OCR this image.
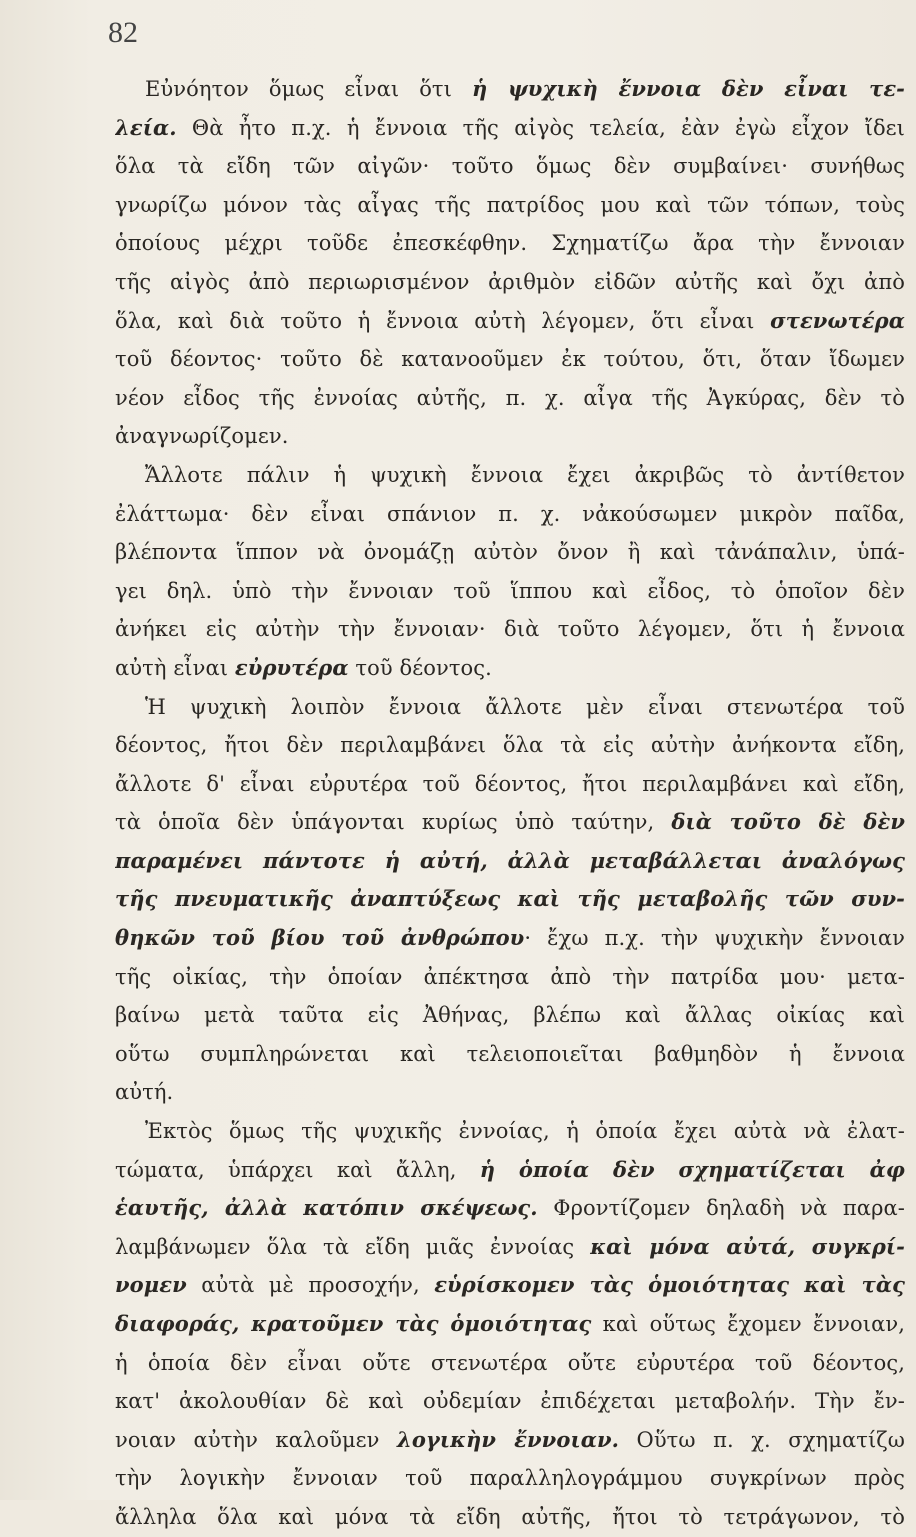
82
Εὐνόητον ὅμως εἶναι ὅτι ἡ ψυχικὴ ἔννοια δὲν εἶναι τε-
λεία. Θὰ ἦτο π.χ. ἡ ἔννοια τῆς αἰγὸς τελεία, ἐὰν ἐγὼ εἶχον ἴδει
ὅλα τὰ εἴδη τῶν αἰγῶν· τοῦτο ὅμως δὲν συμβαίνει· συνήθως
γνωρίζω μόνον τὰς αἶγας τῆς πατρίδος μου καὶ τῶν τόπων, τοὺς
ὁποίους μέχρι τοῦδε ἐπεσκέφθην. Σχηματίζω ἄρα τὴν ἔννοιαν
τῆς αἰγὸς ἀπὸ περιωρισμένον ἀριθμὸν εἰδῶν αὐτῆς καὶ ὄχι ἀπὸ
ὅλα, καὶ διὰ τοῦτο ἡ ἔννοια αὐτὴ λέγομεν, ὅτι εἶναι στενωτέρα
τοῦ δέοντος· τοῦτο δὲ κατανοοῦμεν ἐκ τούτου, ὅτι, ὅταν ἴδωμεν
νέον εἶδος τῆς ἐννοίας αὐτῆς, π. χ. αἶγα τῆς Ἀγκύρας, δὲν τὸ
ἀναγνωρίζομεν.
Ἄλλοτε πάλιν ἡ ψυχικὴ ἔννοια ἔχει ἀκριβῶς τὸ ἀντίθετον
ἐλάττωμα· δὲν εἶναι σπάνιον π. χ. νἀκούσωμεν μικρὸν παῖδα,
βλέποντα ἵππον νὰ ὀνομάζῃ αὐτὸν ὄνον ἢ καὶ τἀνάπαλιν, ὑπά-
γει δηλ. ὑπὸ τὴν ἔννοιαν τοῦ ἵππου καὶ εἶδος, τὸ ὁποῖον δὲν
ἀνήκει εἰς αὐτὴν τὴν ἔννοιαν· διὰ τοῦτο λέγομεν, ὅτι ἡ ἔννοια
αὐτὴ εἶναι εὐρυτέρα τοῦ δέοντος.
Ἡ ψυχικὴ λοιπὸν ἔννοια ἄλλοτε μὲν εἶναι στενωτέρα τοῦ
δέοντος, ἤτοι δὲν περιλαμβάνει ὅλα τὰ εἰς αὐτὴν ἀνήκοντα εἴδη,
ἄλλοτε δ' εἶναι εὐρυτέρα τοῦ δέοντος, ἤτοι περιλαμβάνει καὶ εἴδη,
τὰ ὁποῖα δὲν ὑπάγονται κυρίως ὑπὸ ταύτην, διὰ τοῦτο δὲ δὲν
παραμένει πάντοτε ἡ αὐτή, ἀλλὰ μεταβάλλεται ἀναλόγως
τῆς πνευματικῆς ἀναπτύξεως καὶ τῆς μεταβολῆς τῶν συν-
θηκῶν τοῦ βίου τοῦ ἀνθρώπου· ἔχω π.χ. τὴν ψυχικὴν ἔννοιαν
τῆς οἰκίας, τὴν ὁποίαν ἀπέκτησα ἀπὸ τὴν πατρίδα μου· μετα-
βαίνω μετὰ ταῦτα εἰς Ἀθήνας, βλέπω καὶ ἄλλας οἰκίας καὶ
οὕτω συμπληρώνεται καὶ τελειοποιεῖται βαθμηδὸν ἡ ἔννοια
αὐτή.
Ἐκτὸς ὅμως τῆς ψυχικῆς ἐννοίας, ἡ ὁποία ἔχει αὐτὰ νὰ ἐλατ-
τώματα, ὑπάρχει καὶ ἄλλη, ἡ ὁποία δὲν σχηματίζεται ἀφ
ἑαυτῆς, ἀλλὰ κατόπιν σκέψεως. Φροντίζομεν δηλαδὴ νὰ παρα-
λαμβάνωμεν ὅλα τὰ εἴδη μιᾶς ἐννοίας καὶ μόνα αὐτά, συγκρί-
νομεν αὐτὰ μὲ προσοχήν, εὑρίσκομεν τὰς ὁμοιότητας καὶ τὰς
διαφοράς, κρατοῦμεν τὰς ὁμοιότητας καὶ οὕτως ἔχομεν ἔννοιαν,
ἡ ὁποία δὲν εἶναι οὔτε στενωτέρα οὔτε εὐρυτέρα τοῦ δέοντος,
κατ' ἀκολουθίαν δὲ καὶ οὐδεμίαν ἐπιδέχεται μεταβολήν. Τὴν ἔν-
νοιαν αὐτὴν καλοῦμεν λογικὴν ἔννοιαν. Οὕτω π. χ. σχηματίζω
τὴν λογικὴν ἔννοιαν τοῦ παραλληλογράμμου συγκρίνων πρὸς
ἄλληλα ὅλα καὶ μόνα τὰ εἴδη αὐτῆς, ἤτοι τὸ τετράγωνον, τὸ
